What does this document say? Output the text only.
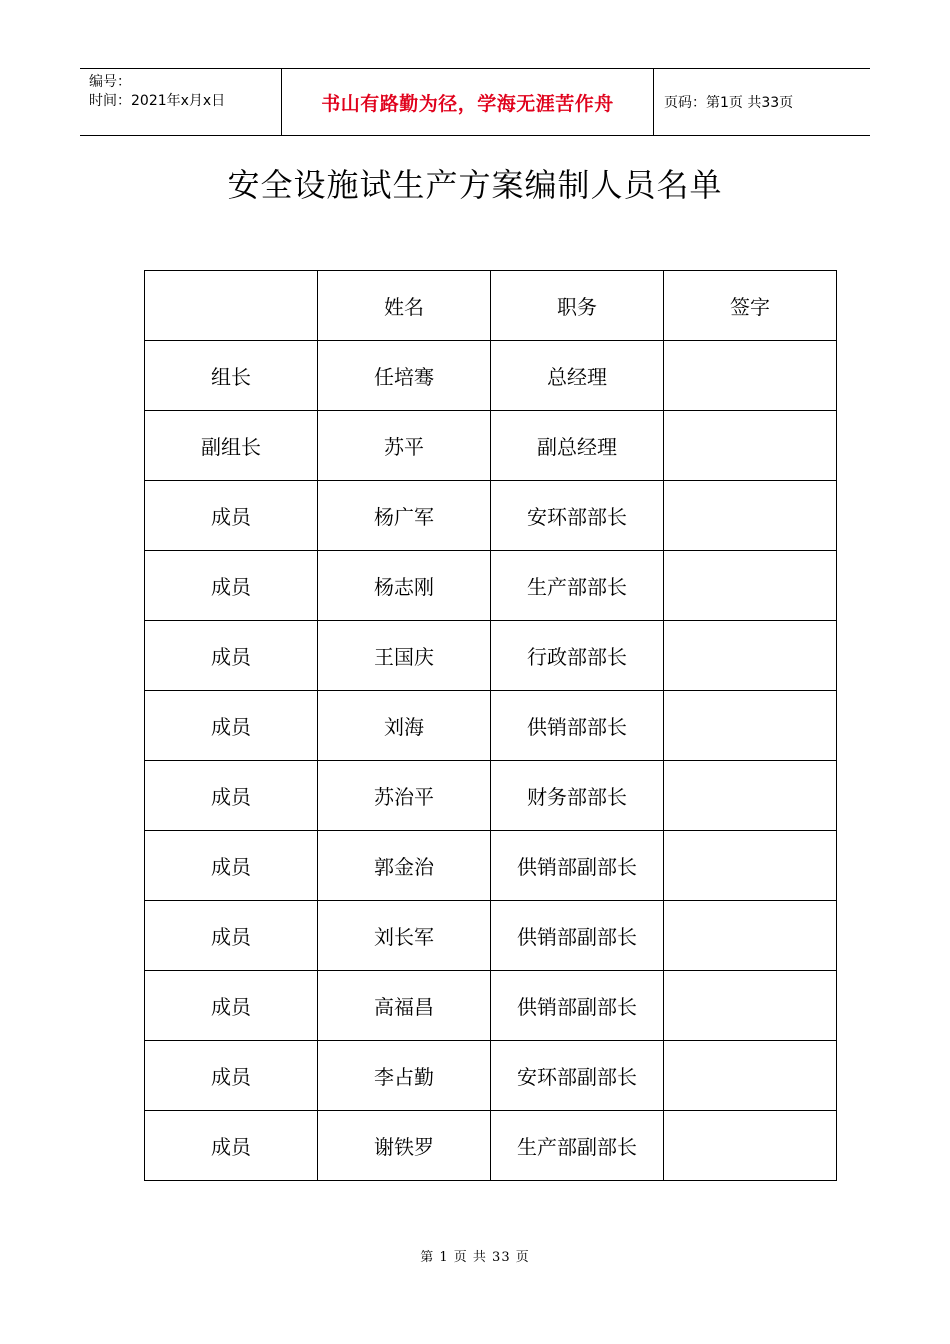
编号：
时间：2021年x月x日	书山有路勤为径，学海无涯苦作舟	页码：第1页 共33页
安全设施试生产方案编制人员名单
	姓名	职务	签字
组长	任培骞	总经理	
副组长	苏平	副总经理	
成员	杨广军	安环部部长	
成员	杨志刚	生产部部长	
成员	王国庆	行政部部长	
成员	刘海	供销部部长	
成员	苏治平	财务部部长	
成员	郭金治	供销部副部长	
成员	刘长军	供销部副部长	
成员	高福昌	供销部副部长	
成员	李占勤	安环部副部长	
成员	谢铁罗	生产部副部长	
第 1 页 共 33 页
